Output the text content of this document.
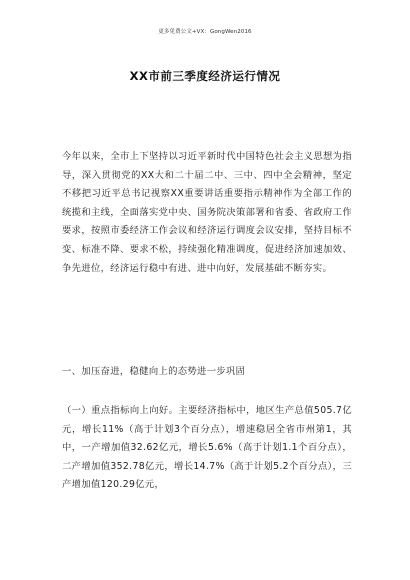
更多免费公文+VX：GongWen2016
XX市前三季度经济运行情况
今年以来，全市上下坚持以习近平新时代中国特色社会主义思想为指导，深入贯彻党的XX大和二十届二中、三中、四中全会精神，坚定不移把习近平总书记视察XX重要讲话重要指示精神作为全部工作的统揽和主线，全面落实党中央、国务院决策部署和省委、省政府工作要求，按照市委经济工作会议和经济运行调度会议安排，坚持目标不变、标准不降、要求不松，持续强化精准调度，促进经济加速加效、争先进位，经济运行稳中有进、进中向好，发展基础不断夯实。
一、加压奋进，稳健向上的态势进一步巩固
（一）重点指标向上向好。主要经济指标中，地区生产总值505.7亿元，增长11%（高于计划3个百分点），增速稳居全省市州第1，其中，一产增加值32.62亿元，增长5.6%（高于计划1.1个百分点），二产增加值352.78亿元，增长14.7%（高于计划5.2个百分点），三产增加值120.29亿元，
